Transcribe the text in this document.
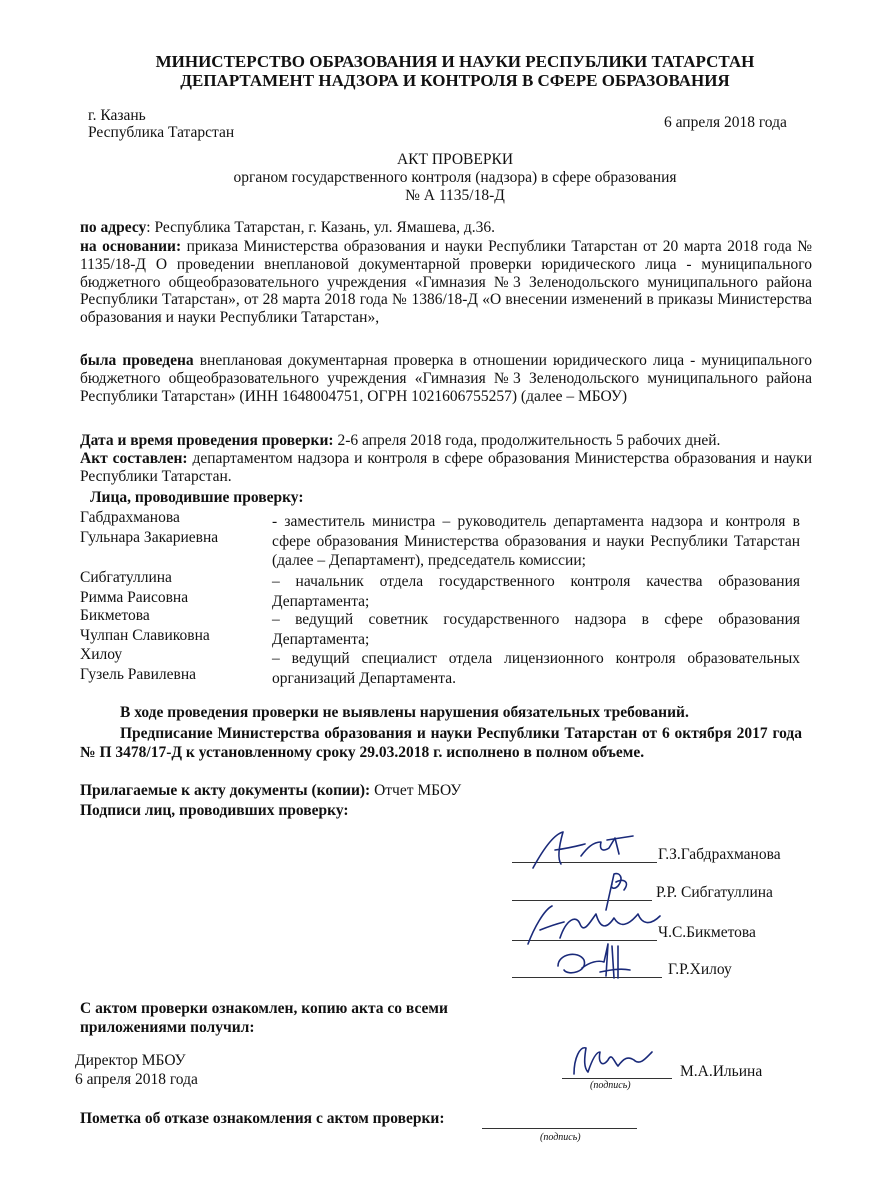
МИНИСТЕРСТВО ОБРАЗОВАНИЯ И НАУКИ РЕСПУБЛИКИ ТАТАРСТАН
ДЕПАРТАМЕНТ НАДЗОРА И КОНТРОЛЯ В СФЕРЕ ОБРАЗОВАНИЯ
г. Казань
Республика Татарстан
6 апреля 2018 года
АКТ ПРОВЕРКИ
органом государственного контроля (надзора) в сфере образования
№ А 1135/18-Д
по адресу: Республика Татарстан, г. Казань, ул. Ямашева, д.36.
на основании: приказа Министерства образования и науки Республики Татарстан от 20 марта 2018 года № 1135/18-Д О проведении внеплановой документарной проверки юридического лица - муниципального бюджетного общеобразовательного учреждения «Гимназия №3 Зеленодольского муниципального района Республики Татарстан», от 28 марта 2018 года № 1386/18-Д «О внесении изменений в приказы Министерства образования и науки Республики Татарстан»,
была проведена внеплановая документарная проверка в отношении юридического лица - муниципального бюджетного общеобразовательного учреждения «Гимназия №3 Зеленодольского муниципального района Республики Татарстан» (ИНН 1648004751, ОГРН 1021606755257) (далее – МБОУ)
Дата и время проведения проверки: 2-6 апреля 2018 года, продолжительность 5 рабочих дней.
Акт составлен: департаментом надзора и контроля в сфере образования Министерства образования и науки Республики Татарстан.
Лица, проводившие проверку:
Габдрахманова
Гульнара Закариевна
- заместитель министра – руководитель департамента надзора и контроля в сфере образования Министерства образования и науки Республики Татарстан (далее – Департамент), председатель комиссии;
Сибгатуллина
Римма Раисовна
– начальник отдела государственного контроля качества образования Департамента;
Бикметова
Чулпан Славиковна
– ведущий советник государственного надзора в сфере образования Департамента;
Хилоу
Гузель Равилевна
– ведущий специалист отдела лицензионного контроля образовательных организаций Департамента.
В ходе проведения проверки не выявлены нарушения обязательных требований.
Предписание Министерства образования и науки Республики Татарстан от 6 октября 2017 года № П 3478/17-Д к установленному сроку 29.03.2018 г. исполнено в полном объеме.
Прилагаемые к акту документы (копии): Отчет МБОУ
Подписи лиц, проводивших проверку:
Г.З.Габдрахманова
Р.Р. Сибгатуллина
Ч.С.Бикметова
Г.Р.Хилоу
С актом проверки ознакомлен, копию акта со всеми
приложениями получил:
Директор МБОУ
6 апреля 2018 года	(подпись)
М.А.Ильина
Пометка об отказе ознакомления с актом проверки:
(подпись)
